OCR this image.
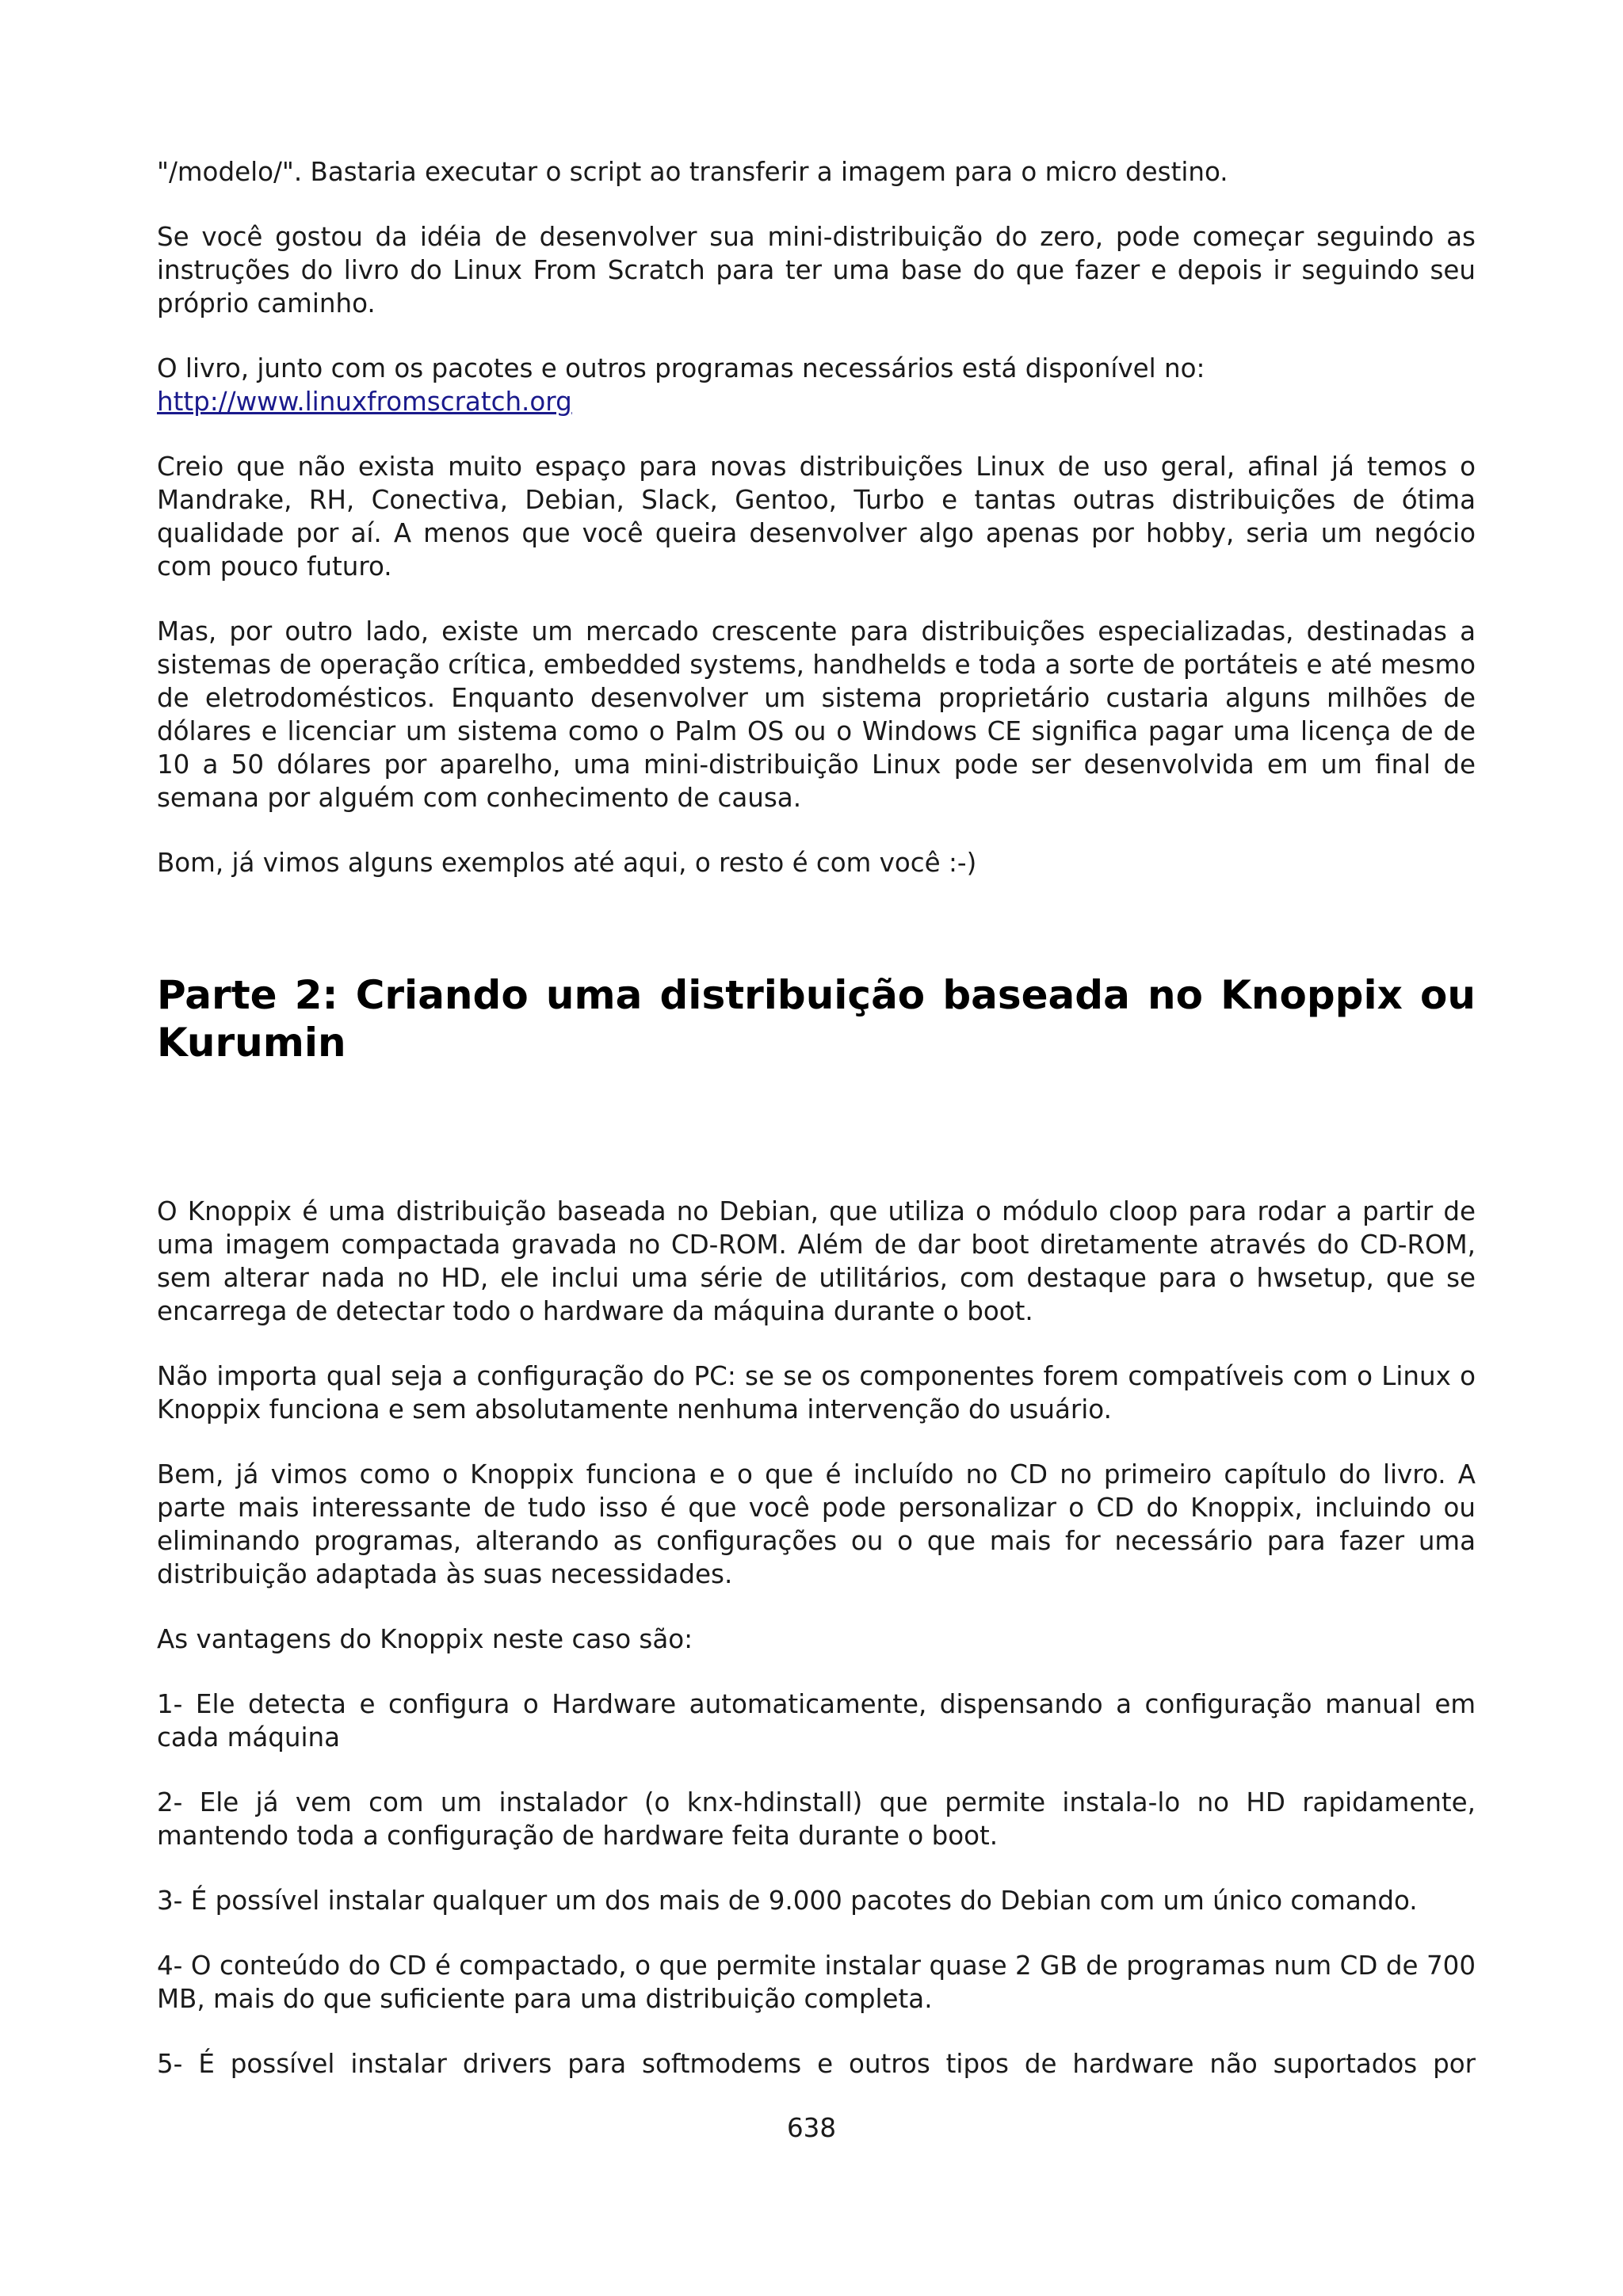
"/modelo/". Bastaria executar o script ao transferir a imagem para o micro destino.

Se você gostou da idéia de desenvolver sua mini-distribuição do zero, pode começar seguindo as instruções do livro do Linux From Scratch para ter uma base do que fazer e depois ir seguindo seu próprio caminho.

O livro, junto com os pacotes e outros programas necessários está disponível no:
http://www.linuxfromscratch.org

Creio que não exista muito espaço para novas distribuições Linux de uso geral, afinal já temos o Mandrake, RH, Conectiva, Debian, Slack, Gentoo, Turbo e tantas outras distribuições de ótima qualidade por aí. A menos que você queira desenvolver algo apenas por hobby, seria um negócio com pouco futuro.

Mas, por outro lado, existe um mercado crescente para distribuições especializadas, destinadas a sistemas de operação crítica, embedded systems, handhelds e toda a sorte de portáteis e até mesmo de eletrodomésticos. Enquanto desenvolver um sistema proprietário custaria alguns milhões de dólares e licenciar um sistema como o Palm OS ou o Windows CE significa pagar uma licença de de 10 a 50 dólares por aparelho, uma mini-distribuição Linux pode ser desenvolvida em um final de semana por alguém com conhecimento de causa.

Bom, já vimos alguns exemplos até aqui, o resto é com você :-)

Parte 2: Criando uma distribuição baseada no Knoppix ou Kurumin

O Knoppix é uma distribuição baseada no Debian, que utiliza o módulo cloop para rodar a partir de uma imagem compactada gravada no CD-ROM. Além de dar boot diretamente através do CD-ROM, sem alterar nada no HD, ele inclui uma série de utilitários, com destaque para o hwsetup, que se encarrega de detectar todo o hardware da máquina durante o boot.

Não importa qual seja a configuração do PC: se se os componentes forem compatíveis com o Linux o Knoppix funciona e sem absolutamente nenhuma intervenção do usuário.

Bem, já vimos como o Knoppix funciona e o que é incluído no CD no primeiro capítulo do livro. A parte mais interessante de tudo isso é que você pode personalizar o CD do Knoppix, incluindo ou eliminando programas, alterando as configurações ou o que mais for necessário para fazer uma distribuição adaptada às suas necessidades.

As vantagens do Knoppix neste caso são:

1- Ele detecta e configura o Hardware automaticamente, dispensando a configuração manual em cada máquina

2- Ele já vem com um instalador (o knx-hdinstall) que permite instala-lo no HD rapidamente, mantendo toda a configuração de hardware feita durante o boot.

3- É possível instalar qualquer um dos mais de 9.000 pacotes do Debian com um único comando.

4- O conteúdo do CD é compactado, o que permite instalar quase 2 GB de programas num CD de 700 MB, mais do que suficiente para uma distribuição completa.

5- É possível instalar drivers para softmodems e outros tipos de hardware não suportados por

638
